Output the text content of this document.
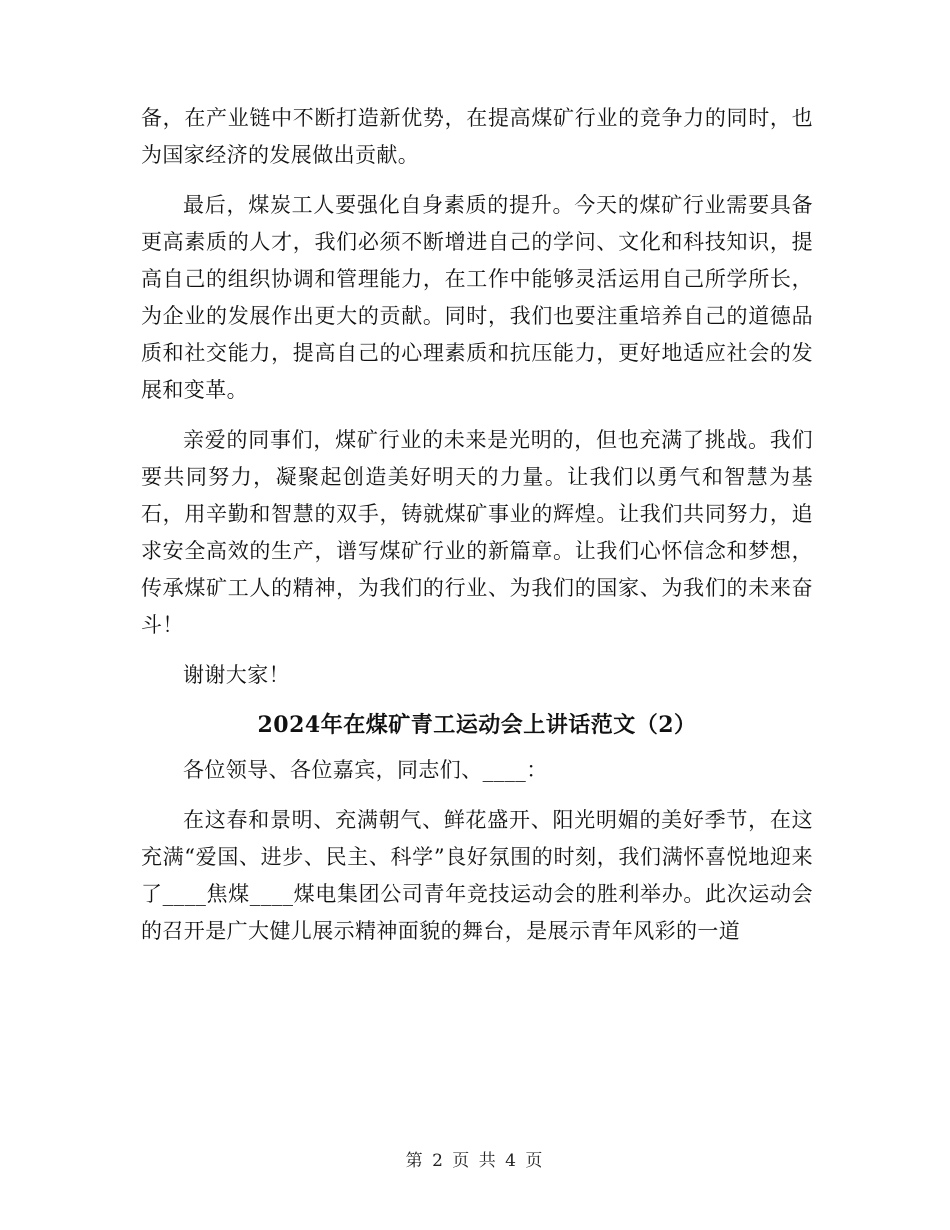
备，在产业链中不断打造新优势，在提高煤矿行业的竞争力的同时，也为国家经济的发展做出贡献。

最后，煤炭工人要强化自身素质的提升。今天的煤矿行业需要具备更高素质的人才，我们必须不断增进自己的学问、文化和科技知识，提高自己的组织协调和管理能力，在工作中能够灵活运用自己所学所长，为企业的发展作出更大的贡献。同时，我们也要注重培养自己的道德品质和社交能力，提高自己的心理素质和抗压能力，更好地适应社会的发展和变革。

亲爱的同事们，煤矿行业的未来是光明的，但也充满了挑战。我们要共同努力，凝聚起创造美好明天的力量。让我们以勇气和智慧为基石，用辛勤和智慧的双手，铸就煤矿事业的辉煌。让我们共同努力，追求安全高效的生产，谱写煤矿行业的新篇章。让我们心怀信念和梦想，传承煤矿工人的精神，为我们的行业、为我们的国家、为我们的未来奋斗！

谢谢大家！

2024年在煤矿青工运动会上讲话范文（2）

各位领导、各位嘉宾，同志们、____：

在这春和景明、充满朝气、鲜花盛开、阳光明媚的美好季节，在这充满“爱国、进步、民主、科学”良好氛围的时刻，我们满怀喜悦地迎来了____焦煤____煤电集团公司青年竞技运动会的胜利举办。此次运动会的召开是广大健儿展示精神面貌的舞台，是展示青年风彩的一道

第 2 页 共 4 页
